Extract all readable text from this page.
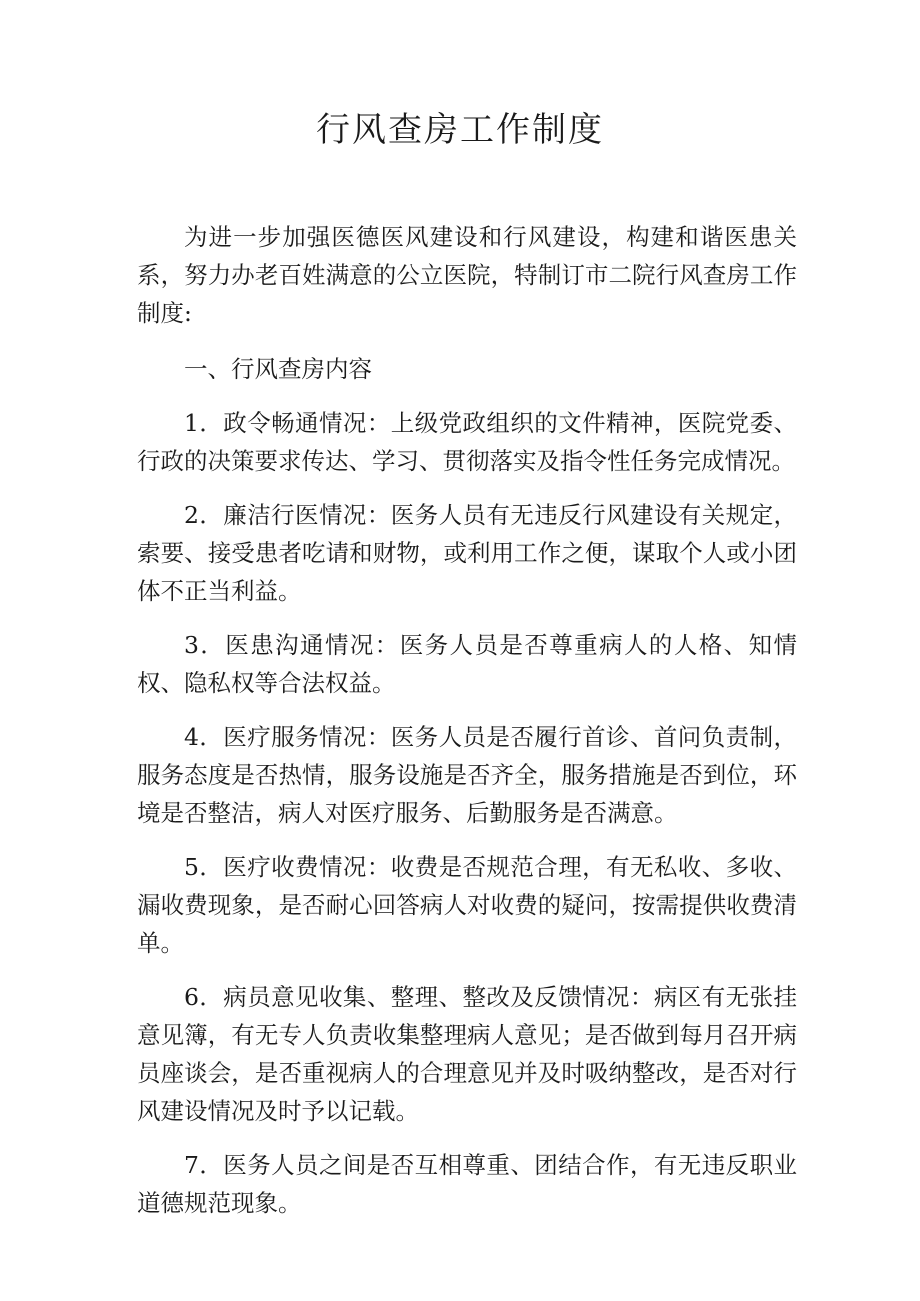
行风查房工作制度

为进一步加强医德医风建设和行风建设，构建和谐医患关系，努力办老百姓满意的公立医院，特制订市二院行风查房工作制度:

一、行风查房内容

1．政令畅通情况：上级党政组织的文件精神，医院党委、行政的决策要求传达、学习、贯彻落实及指令性任务完成情况。

2．廉洁行医情况：医务人员有无违反行风建设有关规定，索要、接受患者吃请和财物，或利用工作之便，谋取个人或小团体不正当利益。

3．医患沟通情况：医务人员是否尊重病人的人格、知情权、隐私权等合法权益。

4．医疗服务情况：医务人员是否履行首诊、首问负责制，服务态度是否热情，服务设施是否齐全，服务措施是否到位，环境是否整洁，病人对医疗服务、后勤服务是否满意。

5．医疗收费情况：收费是否规范合理，有无私收、多收、漏收费现象，是否耐心回答病人对收费的疑问，按需提供收费清单。

6．病员意见收集、整理、整改及反馈情况：病区有无张挂意见簿，有无专人负责收集整理病人意见；是否做到每月召开病员座谈会，是否重视病人的合理意见并及时吸纳整改，是否对行风建设情况及时予以记载。

7．医务人员之间是否互相尊重、团结合作，有无违反职业道德规范现象。
